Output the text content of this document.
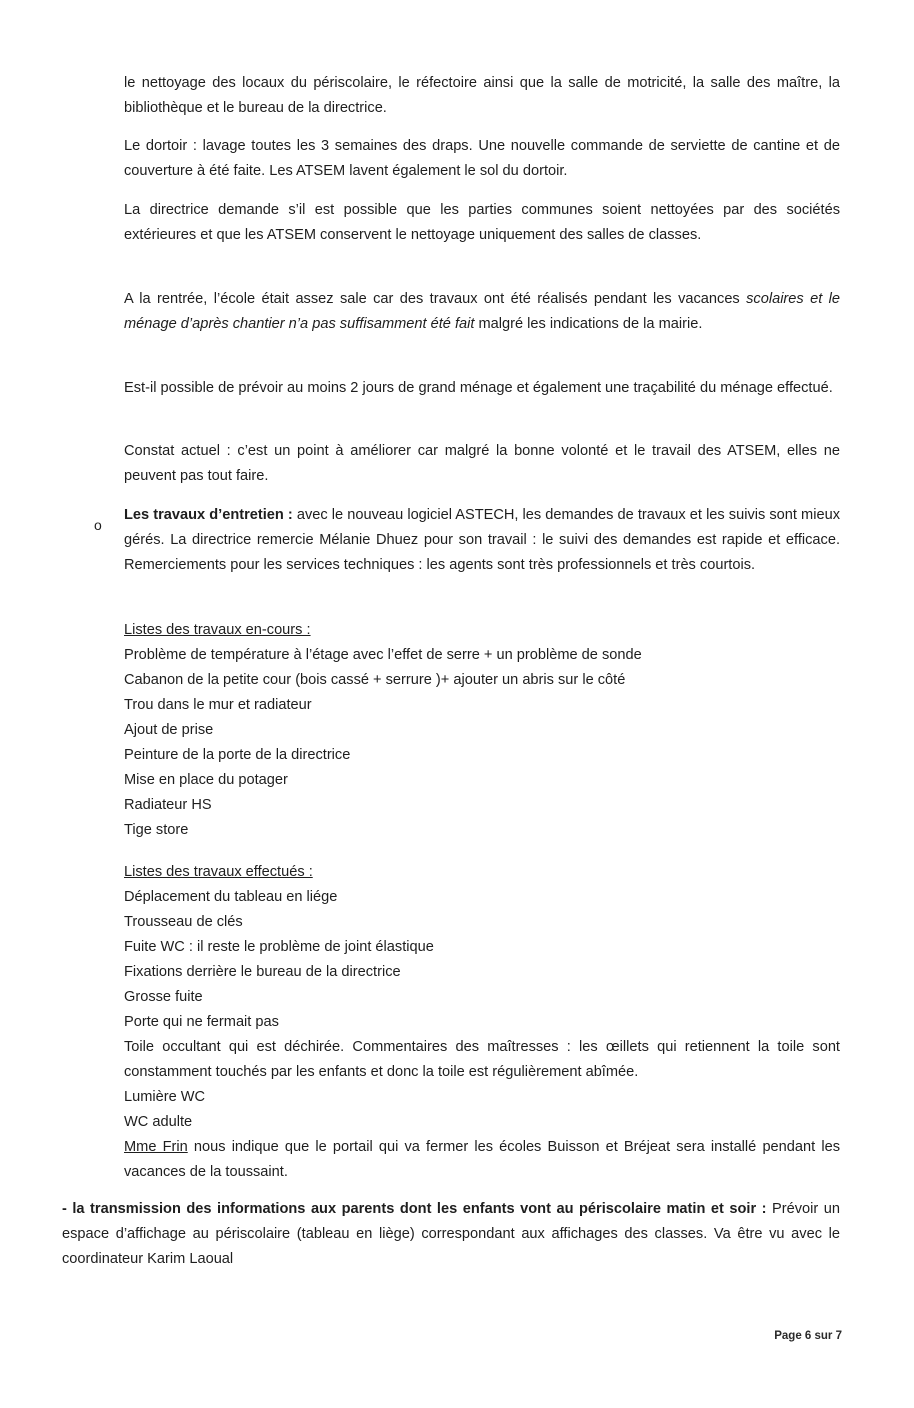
le nettoyage des locaux du périscolaire, le réfectoire ainsi que la salle de motricité, la salle des maître, la bibliothèque et le bureau de la directrice.

Le dortoir : lavage toutes les 3 semaines des draps. Une nouvelle commande de serviette de cantine et de couverture à été faite. Les ATSEM lavent également le sol du dortoir.

La directrice demande s’il est possible que les parties communes soient nettoyées par des sociétés extérieures et que les ATSEM conservent le nettoyage uniquement des salles de classes.

A la rentrée, l’école était assez sale car des travaux ont été réalisés pendant les vacances scolaires et le ménage d’après chantier n’a pas suffisamment été fait malgré les indications de la mairie.

Est-il possible de prévoir au moins 2 jours de grand ménage et également une traçabilité du ménage effectué.

Constat actuel : c’est un point à améliorer car malgré la bonne volonté et le travail des ATSEM, elles ne peuvent pas tout faire.

o

Les travaux d’entretien : avec le nouveau logiciel ASTECH, les demandes de travaux et les suivis sont mieux gérés. La directrice remercie Mélanie Dhuez pour son travail : le suivi des demandes est rapide et efficace. Remerciements pour les services techniques : les agents sont très professionnels et très courtois.

Listes des travaux en-cours :
Problème de température à l’étage avec l’effet de serre + un problème de sonde
Cabanon de la petite cour (bois cassé + serrure )+ ajouter un abris sur le côté
Trou dans le mur et radiateur
Ajout de prise
Peinture de la porte de la directrice
Mise en place du potager
Radiateur HS
Tige store
Listes des travaux effectués :
Déplacement du tableau en liége
Trousseau de clés
Fuite WC : il reste le problème de joint élastique
Fixations derrière le bureau de la directrice
Grosse fuite
Porte qui ne fermait pas
Toile occultant qui est déchirée. Commentaires des maîtresses : les œillets qui retiennent la toile sont constamment touchés par les enfants et donc la toile est régulièrement abîmée.
Lumière WC
WC adulte

Mme Frin nous indique que le portail qui va fermer les écoles Buisson et Bréjeat sera installé pendant les vacances de la toussaint.

- la transmission des informations aux parents dont les enfants vont au périscolaire matin et soir : Prévoir un espace d’affichage au périscolaire (tableau en liège) correspondant aux affichages des classes. Va être vu avec le coordinateur Karim Laoual

Page 6 sur 7
